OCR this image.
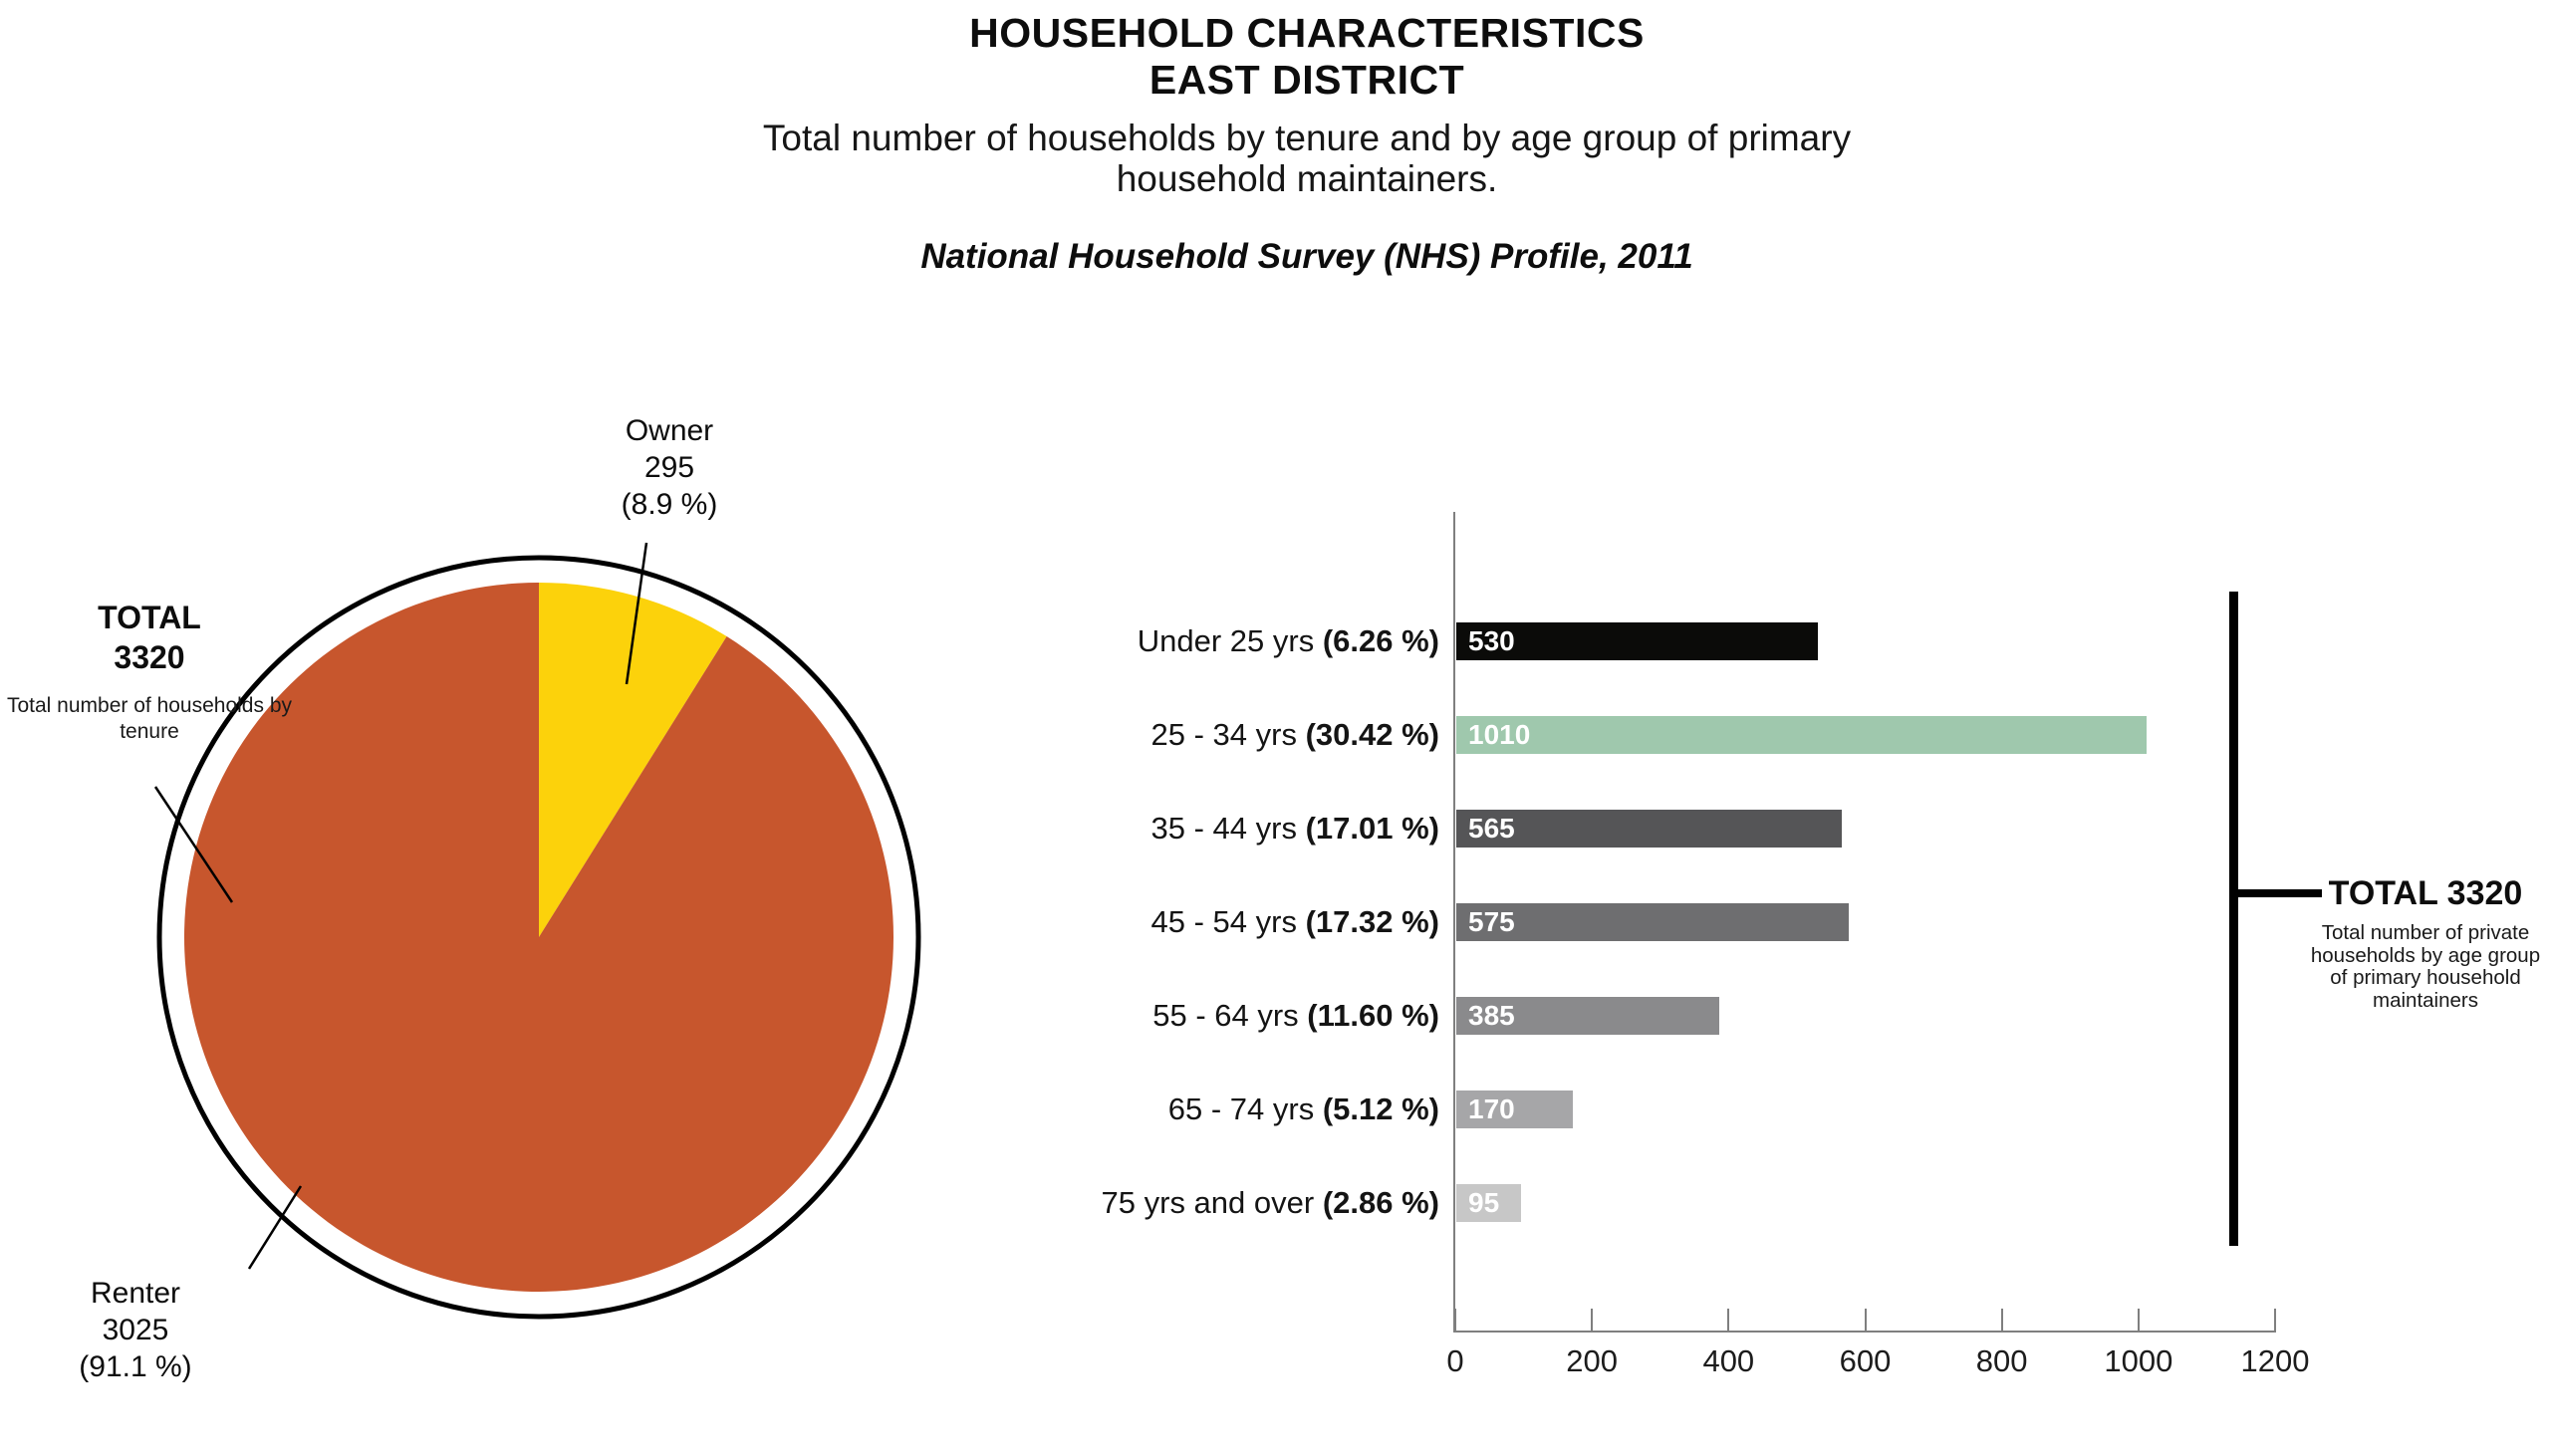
HOUSEHOLD CHARACTERISTICS
EAST DISTRICT
Total number of households by tenure and by age group of primary household maintainers.
National Household Survey (NHS) Profile, 2011
Owner
295
(8.9 %)
TOTAL
3320
Total number of households by tenure
Renter
3025
(91.1 %)
Under 25 yrs (6.26 %) 530
25 - 34 yrs (30.42 %) 1010
35 - 44 yrs (17.01 %) 565
45 - 54 yrs (17.32 %) 575
55 - 64 yrs (11.60 %) 385
65 - 74 yrs (5.12 %) 170
75 yrs and over (2.86 %) 95
0	200	400	600	800	1000	1200
TOTAL 3320
Total number of private households by age group of primary household maintainers
